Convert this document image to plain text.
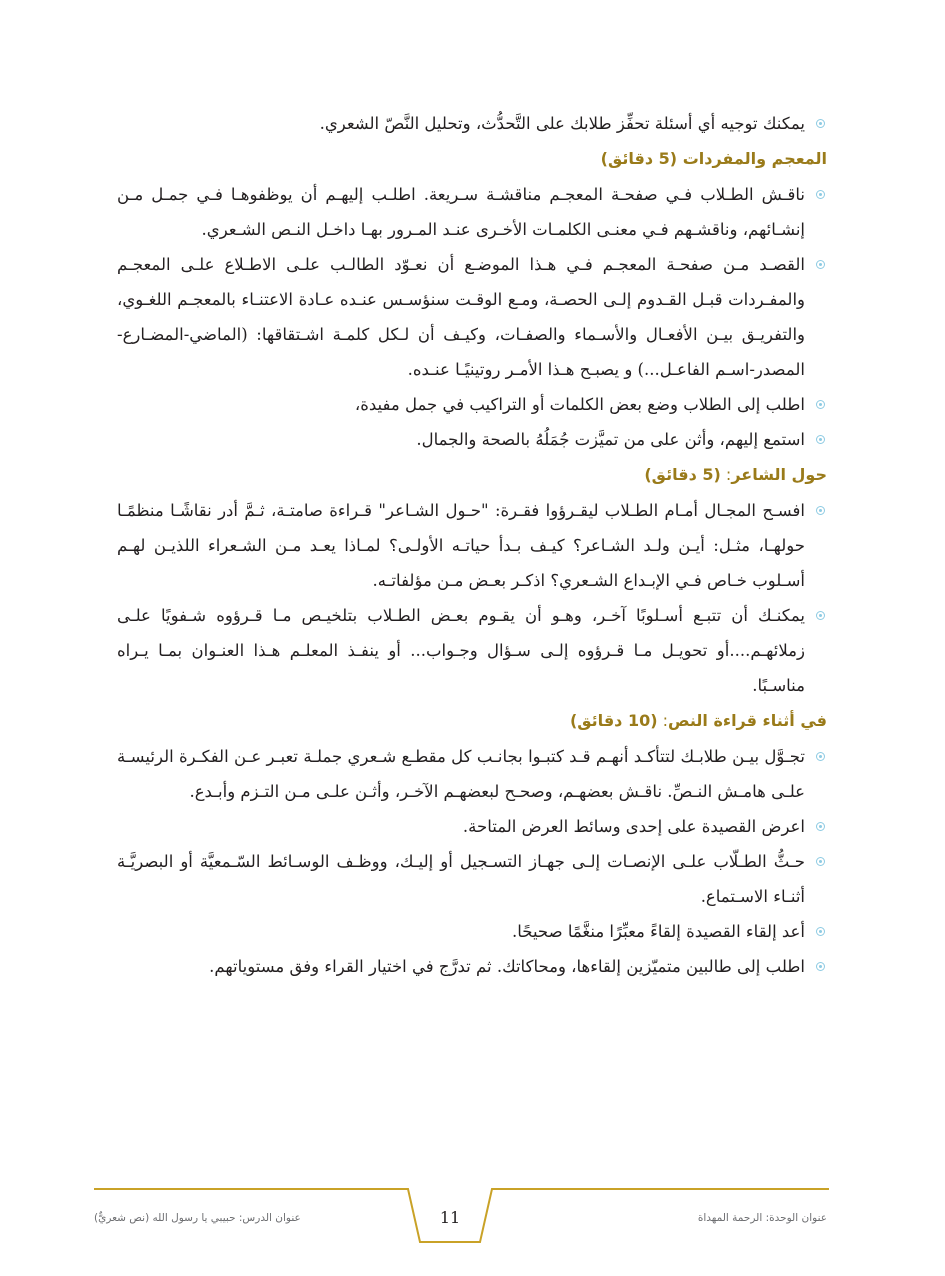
يمكنك توجيه أي أسئلة تحفِّز طلابك على التَّحدُّث، وتحليل النَّصّ الشعري.
المعجم والمفردات (5 دقائق)
ناقـش الطـلاب فـي صفحـة المعجـم مناقشـة سـريعة. اطلـب إليهـم أن يوظفوهـا فـي جمـل مـن إنشـائهم، وناقشـهم فـي معنـى الكلمـات الأخـرى عنـد المـرور بهـا داخـل النـص الشـعري.
القصـد مـن صفحـة المعجـم فـي هـذا الموضـع أن نعـوّد الطالـب علـى الاطـلاع علـى المعجـم والمفـردات قبـل القـدوم إلـى الحصـة، ومـع الوقـت سنؤسـس عنـده عـادة الاعتنـاء بالمعجـم اللغـوي، والتفريـق بيـن الأفعـال والأسـماء والصفـات، وكيـف أن لـكل كلمـة اشـتقاقها: (الماضي-المضـارع-المصدر-اسـم الفاعـل...) و يصبـح هـذا الأمـر روتينيًـا عنـده.
اطلب إلى الطلاب وضع بعض الكلمات أو التراكيب في جمل مفيدة،
استمع إليهم، وأثن على من تميَّزت جُمَلُهُ بالصحة والجمال.
حول الشاعر: (5 دقائق)
افسـح المجـال أمـام الطـلاب ليقـرؤوا فقـرة: "حـول الشـاعر" قـراءة صامتـة، ثـمَّ أدر نقاشًـا منظمًـا حولهـا، مثـل: أيـن ولـد الشـاعر؟ كيـف بـدأ حياتـه الأولـى؟ لمـاذا يعـد مـن الشـعراء اللذيـن لهـم أسـلوب خـاص فـي الإبـداع الشـعري؟ اذكـر بعـض مـن مؤلفاتـه.
يمكنـك أن تتبـع أسـلوبًا آخـر، وهـو أن يقـوم بعـض الطـلاب بتلخيـص مـا قـرؤوه شـفويًا علـى زملائهـم....أو تحويـل مـا قـرؤوه إلـى سـؤال وجـواب... أو ينفـذ المعلـم هـذا العنـوان بمـا يـراه مناسـبًا.
في أثناء قراءة النص: (10 دقائق)
تجـوَّل بيـن طلابـك لتتأكـد أنهـم قـد كتبـوا بجانـب كل مقطـع شـعري جملـة تعبـر عـن الفكـرة الرئيسـة علـى هامـش النـصِّ. ناقـش بعضهـم، وصحـح لبعضهـم الآخـر، وأثـن علـى مـن التـزم وأبـدع.
اعرض القصيدة على إحدى وسائط العرض المتاحة.
حـثُّ الطـلّاب علـى الإنصـات إلـى جهـاز التسـجيل أو إليـك، ووظـف الوسـائط السّـمعيَّة أو البصريَّـة أثنـاء الاسـتماع.
أعد إلقاء القصيدة إلقاءً معبِّرًا منغَّمًا صحيحًا.
اطلب إلى طالبين متميّزين إلقاءها، ومحاكاتك. ثم تدرَّج في اختيار القراء وفق مستوياتهم.
عنوان الوحدة: الرحمة المهداة
11
عنوان الدرس: حبيبي يا رسول الله (نص شعريٌّ)
